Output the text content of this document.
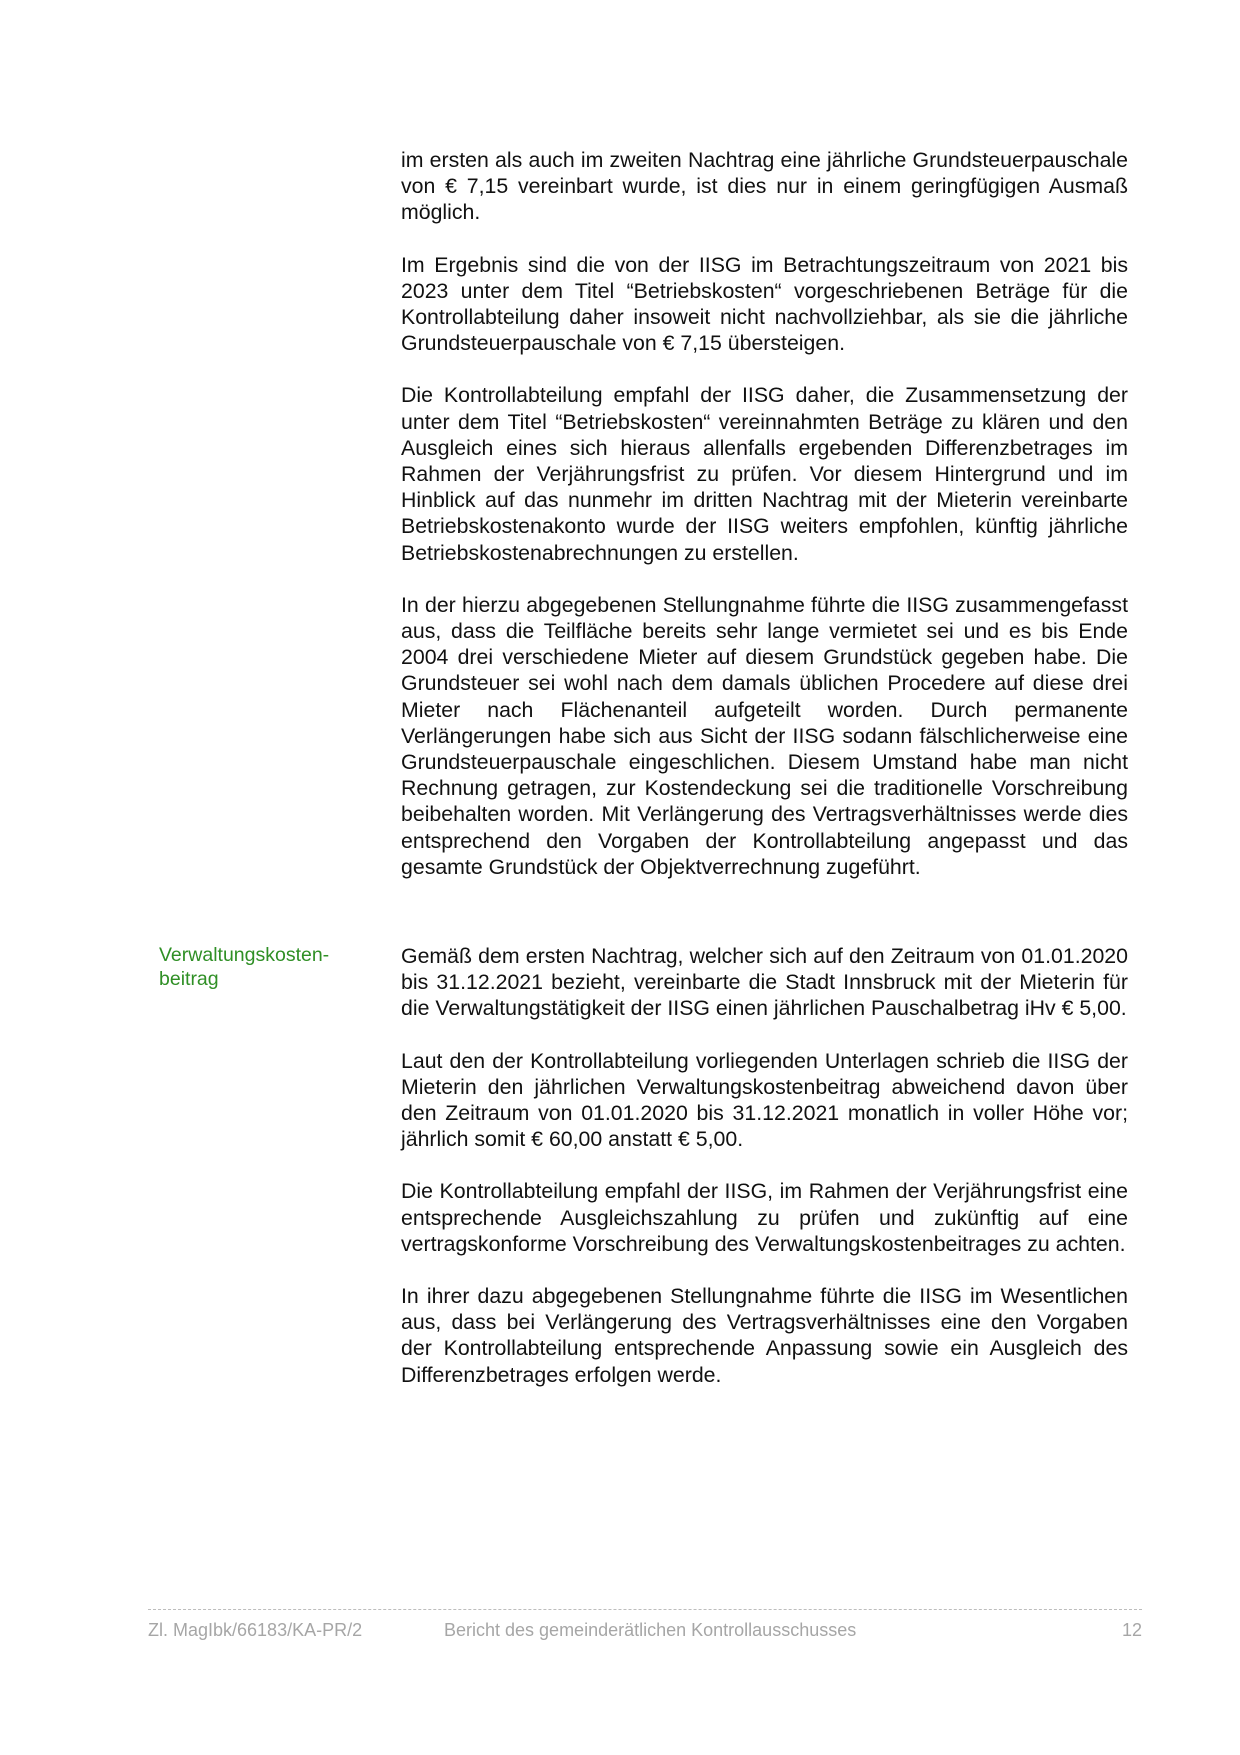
im ersten als auch im zweiten Nachtrag eine jährliche Grundsteuerpauschale von € 7,15 vereinbart wurde, ist dies nur in einem geringfügigen Ausmaß möglich.

Im Ergebnis sind die von der IISG im Betrachtungszeitraum von 2021 bis 2023 unter dem Titel “Betriebskosten“ vorgeschriebenen Beträge für die Kontrollabteilung daher insoweit nicht nachvollziehbar, als sie die jährliche Grundsteuerpauschale von € 7,15 übersteigen.

Die Kontrollabteilung empfahl der IISG daher, die Zusammensetzung der unter dem Titel “Betriebskosten“ vereinnahmten Beträge zu klären und den Ausgleich eines sich hieraus allenfalls ergebenden Differenzbetrages im Rahmen der Verjährungsfrist zu prüfen. Vor diesem Hintergrund und im Hinblick auf das nunmehr im dritten Nachtrag mit der Mieterin vereinbarte Betriebskostenakonto wurde der IISG weiters empfohlen, künftig jährliche Betriebskostenabrechnungen zu erstellen.

In der hierzu abgegebenen Stellungnahme führte die IISG zusammengefasst aus, dass die Teilfläche bereits sehr lange vermietet sei und es bis Ende 2004 drei verschiedene Mieter auf diesem Grundstück gegeben habe. Die Grundsteuer sei wohl nach dem damals üblichen Procedere auf diese drei Mieter nach Flächenanteil aufgeteilt worden. Durch permanente Verlängerungen habe sich aus Sicht der IISG sodann fälschlicherweise eine Grundsteuerpauschale eingeschlichen. Diesem Umstand habe man nicht Rechnung getragen, zur Kostendeckung sei die traditionelle Vorschreibung beibehalten worden. Mit Verlängerung des Vertragsverhältnisses werde dies entsprechend den Vorgaben der Kontrollabteilung angepasst und das gesamte Grundstück der Objektverrechnung zugeführt.

Verwaltungskosten-
beitrag

Gemäß dem ersten Nachtrag, welcher sich auf den Zeitraum von 01.01.2020 bis 31.12.2021 bezieht, vereinbarte die Stadt Innsbruck mit der Mieterin für die Verwaltungstätigkeit der IISG einen jährlichen Pauschalbetrag iHv € 5,00.

Laut den der Kontrollabteilung vorliegenden Unterlagen schrieb die IISG der Mieterin den jährlichen Verwaltungskostenbeitrag abweichend davon über den Zeitraum von 01.01.2020 bis 31.12.2021 monatlich in voller Höhe vor; jährlich somit € 60,00 anstatt € 5,00.

Die Kontrollabteilung empfahl der IISG, im Rahmen der Verjährungsfrist eine entsprechende Ausgleichszahlung zu prüfen und zukünftig auf eine vertragskonforme Vorschreibung des Verwaltungskostenbeitrages zu achten.

In ihrer dazu abgegebenen Stellungnahme führte die IISG im Wesentlichen aus, dass bei Verlängerung des Vertragsverhältnisses eine den Vorgaben der Kontrollabteilung entsprechende Anpassung sowie ein Ausgleich des Differenzbetrages erfolgen werde.

Zl. MagIbk/66183/KA-PR/2	Bericht des gemeinderätlichen Kontrollausschusses	12
